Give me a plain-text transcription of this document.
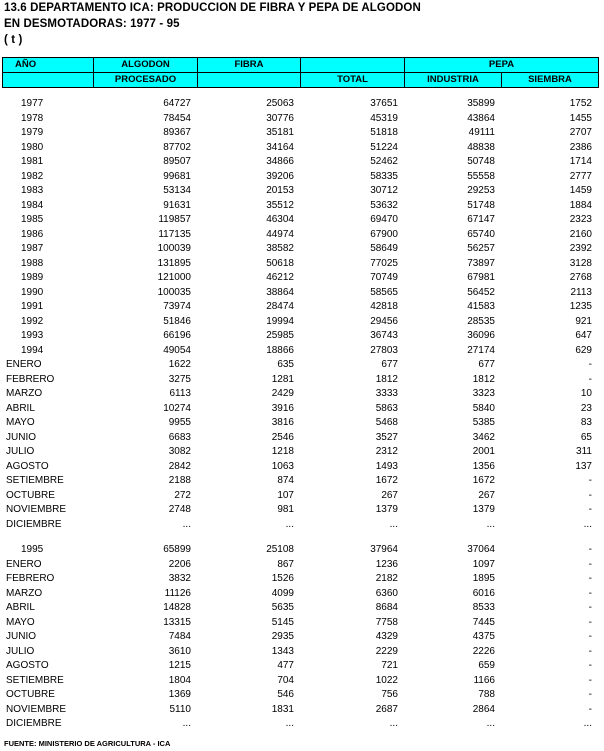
13.6 DEPARTAMENTO ICA: PRODUCCION DE FIBRA Y PEPA DE ALGODON
EN DESMOTADORAS: 1977 - 95
( t )
AÑO	ALGODON	FIBRA		PEPA	
	PROCESADO		TOTAL	INDUSTRIA	SIEMBRA
1977	64727	25063	37651	35899	1752
1978	78454	30776	45319	43864	1455
1979	89367	35181	51818	49111	2707
1980	87702	34164	51224	48838	2386
1981	89507	34866	52462	50748	1714
1982	99681	39206	58335	55558	2777
1983	53134	20153	30712	29253	1459
1984	91631	35512	53632	51748	1884
1985	119857	46304	69470	67147	2323
1986	117135	44974	67900	65740	2160
1987	100039	38582	58649	56257	2392
1988	131895	50618	77025	73897	3128
1989	121000	46212	70749	67981	2768
1990	100035	38864	58565	56452	2113
1991	73974	28474	42818	41583	1235
1992	51846	19994	29456	28535	921
1993	66196	25985	36743	36096	647
1994	49054	18866	27803	27174	629
ENERO	1622	635	677	677	-
FEBRERO	3275	1281	1812	1812	-
MARZO	6113	2429	3333	3323	10
ABRIL	10274	3916	5863	5840	23
MAYO	9955	3816	5468	5385	83
JUNIO	6683	2546	3527	3462	65
JULIO	3082	1218	2312	2001	311
AGOSTO	2842	1063	1493	1356	137
SETIEMBRE	2188	874	1672	1672	-
OCTUBRE	272	107	267	267	-
NOVIEMBRE	2748	981	1379	1379	-
DICIEMBRE	...	...	...	...	...

1995	65899	25108	37964	37064	-
ENERO	2206	867	1236	1097	-
FEBRERO	3832	1526	2182	1895	-
MARZO	11126	4099	6360	6016	-
ABRIL	14828	5635	8684	8533	-
MAYO	13315	5145	7758	7445	-
JUNIO	7484	2935	4329	4375	-
JULIO	3610	1343	2229	2226	-
AGOSTO	1215	477	721	659	-
SETIEMBRE	1804	704	1022	1166	-
OCTUBRE	1369	546	756	788	-
NOVIEMBRE	5110	1831	2687	2864	-
DICIEMBRE	...	...	...	...	...
FUENTE: MINISTERIO DE AGRICULTURA - ICA
